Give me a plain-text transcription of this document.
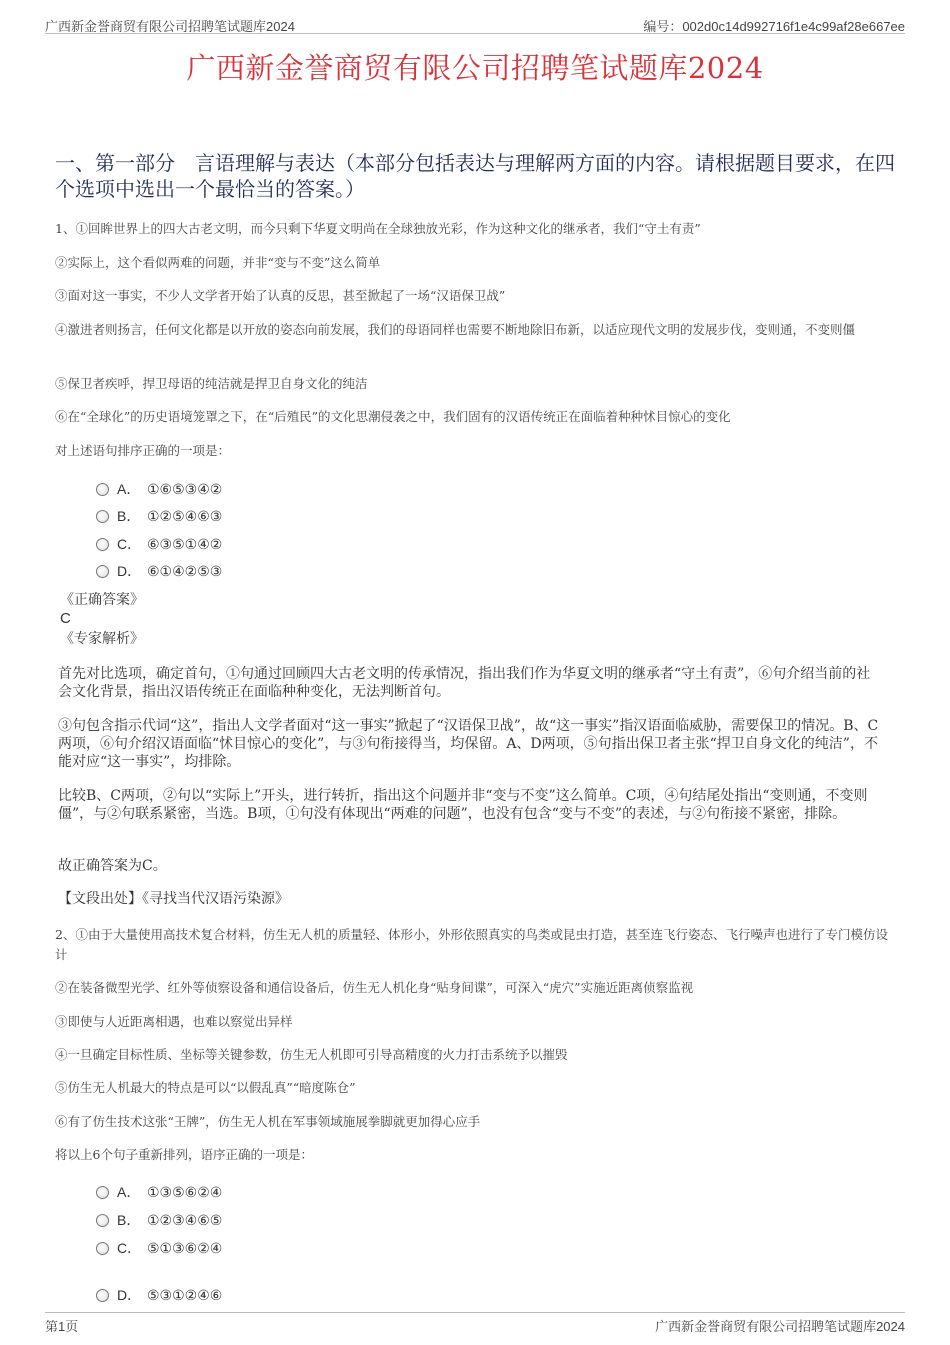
广西新金誉商贸有限公司招聘笔试题库2024	编号：002d0c14d992716f1e4c99af28e667ee
广西新金誉商贸有限公司招聘笔试题库2024
一、第一部分　言语理解与表达（本部分包括表达与理解两方面的内容。请根据题目要求，在四个选项中选出一个最恰当的答案。）
1、①回眸世界上的四大古老文明，而今只剩下华夏文明尚在全球独放光彩，作为这种文化的继承者，我们“守土有责”
②实际上，这个看似两难的问题，并非“变与不变”这么简单
③面对这一事实，不少人文学者开始了认真的反思，甚至掀起了一场“汉语保卫战”
④激进者则扬言，任何文化都是以开放的姿态向前发展，我们的母语同样也需要不断地除旧布新，以适应现代文明的发展步伐，变则通，不变则僵
⑤保卫者疾呼，捍卫母语的纯洁就是捍卫自身文化的纯洁
⑥在“全球化”的历史语境笼罩之下，在“后殖民”的文化思潮侵袭之中，我们固有的汉语传统正在面临着种种怵目惊心的变化
对上述语句排序正确的一项是：
A． ①⑥⑤③④②
B． ①②⑤④⑥③
C． ⑥③⑤①④②
D． ⑥①④②⑤③
《正确答案》
C
《专家解析》
首先对比选项，确定首句，①句通过回顾四大古老文明的传承情况，指出我们作为华夏文明的继承者“守土有责”，⑥句介绍当前的社会文化背景，指出汉语传统正在面临种种变化，无法判断首句。
③句包含指示代词“这”，指出人文学者面对“这一事实”掀起了“汉语保卫战”，故“这一事实”指汉语面临威胁，需要保卫的情况。B、C两项，⑥句介绍汉语面临“怵目惊心的变化”，与③句衔接得当，均保留。A、D两项，⑤句指出保卫者主张“捍卫自身文化的纯洁”，不能对应“这一事实”，均排除。
比较B、C两项，②句以“实际上”开头，进行转折，指出这个问题并非“变与不变”这么简单。C项，④句结尾处指出“变则通，不变则僵”，与②句联系紧密，当选。B项，①句没有体现出“两难的问题”，也没有包含“变与不变”的表述，与②句衔接不紧密，排除。
故正确答案为C。
【文段出处】《寻找当代汉语污染源》
2、①由于大量使用高技术复合材料，仿生无人机的质量轻、体形小，外形依照真实的鸟类或昆虫打造，甚至连飞行姿态、飞行噪声也进行了专门模仿设计
②在装备微型光学、红外等侦察设备和通信设备后，仿生无人机化身“贴身间谍”，可深入“虎穴”实施近距离侦察监视
③即使与人近距离相遇，也难以察觉出异样
④一旦确定目标性质、坐标等关键参数，仿生无人机即可引导高精度的火力打击系统予以摧毁
⑤仿生无人机最大的特点是可以“以假乱真”“暗度陈仓”
⑥有了仿生技术这张“王牌”，仿生无人机在军事领域施展拳脚就更加得心应手
将以上6个句子重新排列，语序正确的一项是：
A． ①③⑤⑥②④
B． ①②③④⑥⑤
C． ⑤①③⑥②④
D． ⑤③①②④⑥
第1页	广西新金誉商贸有限公司招聘笔试题库2024
